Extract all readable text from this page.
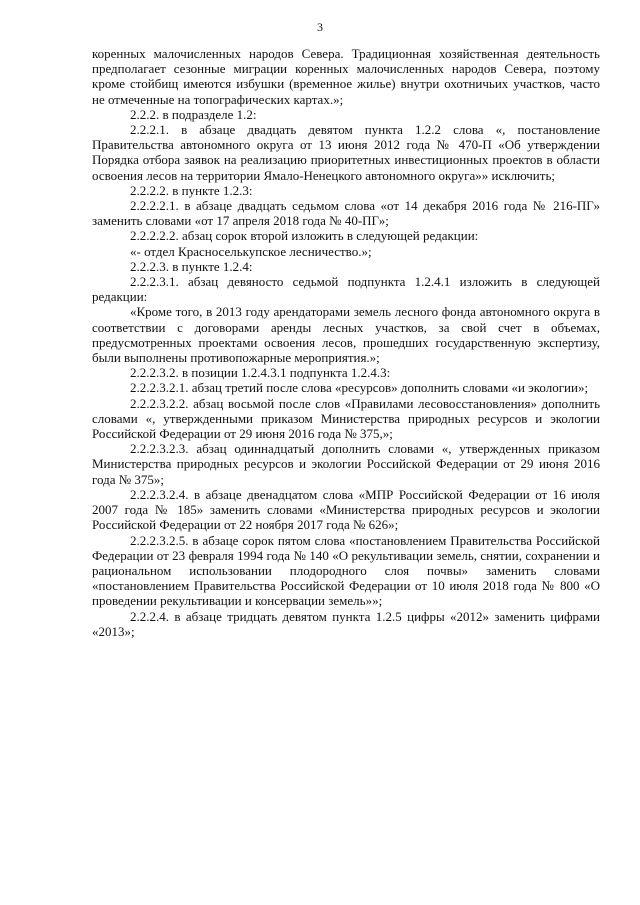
3

коренных малочисленных народов Севера. Традиционная хозяйственная деятельность предполагает сезонные миграции коренных малочисленных народов Севера, поэтому кроме стойбищ имеются избушки (временное жилье) внутри охотничьих участков, часто не отмеченные на топографических картах.»;

2.2.2. в подразделе 1.2:

2.2.2.1. в абзаце двадцать девятом пункта 1.2.2 слова «, постановление Правительства автономного округа от 13 июня 2012 года № 470-П «Об утверждении Порядка отбора заявок на реализацию приоритетных инвестиционных проектов в области освоения лесов на территории Ямало-Ненецкого автономного округа»» исключить;

2.2.2.2. в пункте 1.2.3:

2.2.2.2.1. в абзаце двадцать седьмом слова «от 14 декабря 2016 года № 216-ПГ» заменить словами «от 17 апреля 2018 года № 40-ПГ»;

2.2.2.2.2. абзац сорок второй изложить в следующей редакции:

«- отдел Красноселькупское лесничество.»;

2.2.2.3. в пункте 1.2.4:

2.2.2.3.1. абзац девяносто седьмой подпункта 1.2.4.1 изложить в следующей редакции:

«Кроме того, в 2013 году арендаторами земель лесного фонда автономного округа в соответствии с договорами аренды лесных участков, за свой счет в объемах, предусмотренных проектами освоения лесов, прошедших государственную экспертизу, были выполнены противопожарные мероприятия.»;

2.2.2.3.2. в позиции 1.2.4.3.1 подпункта 1.2.4.3:

2.2.2.3.2.1. абзац третий после слова «ресурсов» дополнить словами «и экологии»;

2.2.2.3.2.2. абзац восьмой после слов «Правилами лесовосстановления» дополнить словами «, утвержденными приказом Министерства природных ресурсов и экологии Российской Федерации от 29 июня 2016 года № 375,»;

2.2.2.3.2.3. абзац одиннадцатый дополнить словами «, утвержденных приказом Министерства природных ресурсов и экологии Российской Федерации от 29 июня 2016 года № 375»;

2.2.2.3.2.4. в абзаце двенадцатом слова «МПР Российской Федерации от 16 июля 2007 года № 185» заменить словами «Министерства природных ресурсов и экологии Российской Федерации от 22 ноября 2017 года № 626»;

2.2.2.3.2.5. в абзаце сорок пятом слова «постановлением Правительства Российской Федерации от 23 февраля 1994 года № 140 «О рекультивации земель, снятии, сохранении и рациональном использовании плодородного слоя почвы» заменить словами «постановлением Правительства Российской Федерации от 10 июля 2018 года № 800 «О проведении рекультивации и консервации земель»»;

2.2.2.4. в абзаце тридцать девятом пункта 1.2.5 цифры «2012» заменить цифрами «2013»;
